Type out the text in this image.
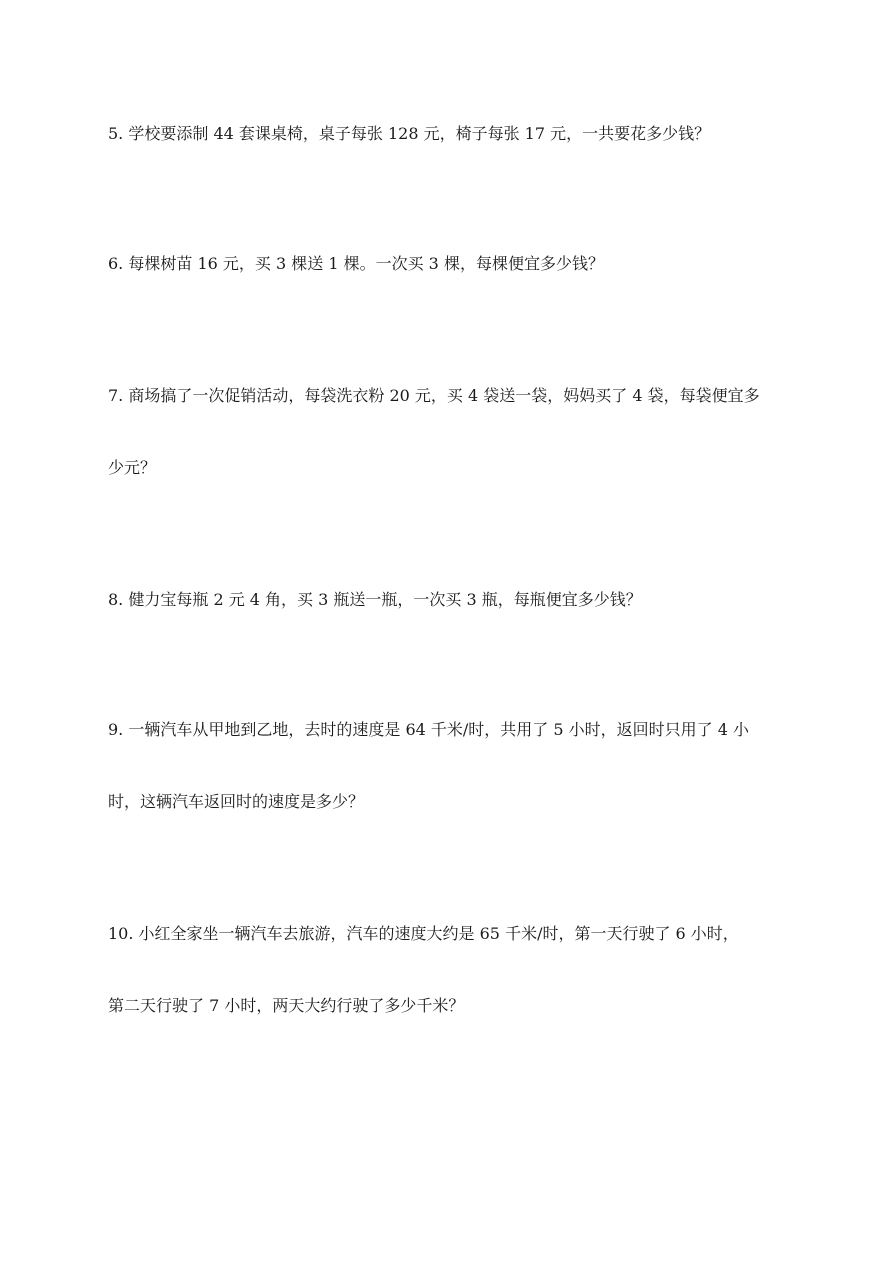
5. 学校要添制 44 套课桌椅，桌子每张 128 元，椅子每张 17 元，一共要花多少钱？
6. 每棵树苗 16 元，买 3 棵送 1 棵。一次买 3 棵，每棵便宜多少钱？
7. 商场搞了一次促销活动，每袋洗衣粉 20 元，买 4 袋送一袋，妈妈买了 4 袋，每袋便宜多
少元？
8. 健力宝每瓶 2 元 4 角，买 3 瓶送一瓶，一次买 3 瓶，每瓶便宜多少钱？
9. 一辆汽车从甲地到乙地，去时的速度是 64 千米/时，共用了 5 小时，返回时只用了 4 小
时，这辆汽车返回时的速度是多少？
10. 小红全家坐一辆汽车去旅游，汽车的速度大约是 65 千米/时，第一天行驶了 6 小时，
第二天行驶了 7 小时，两天大约行驶了多少千米？
